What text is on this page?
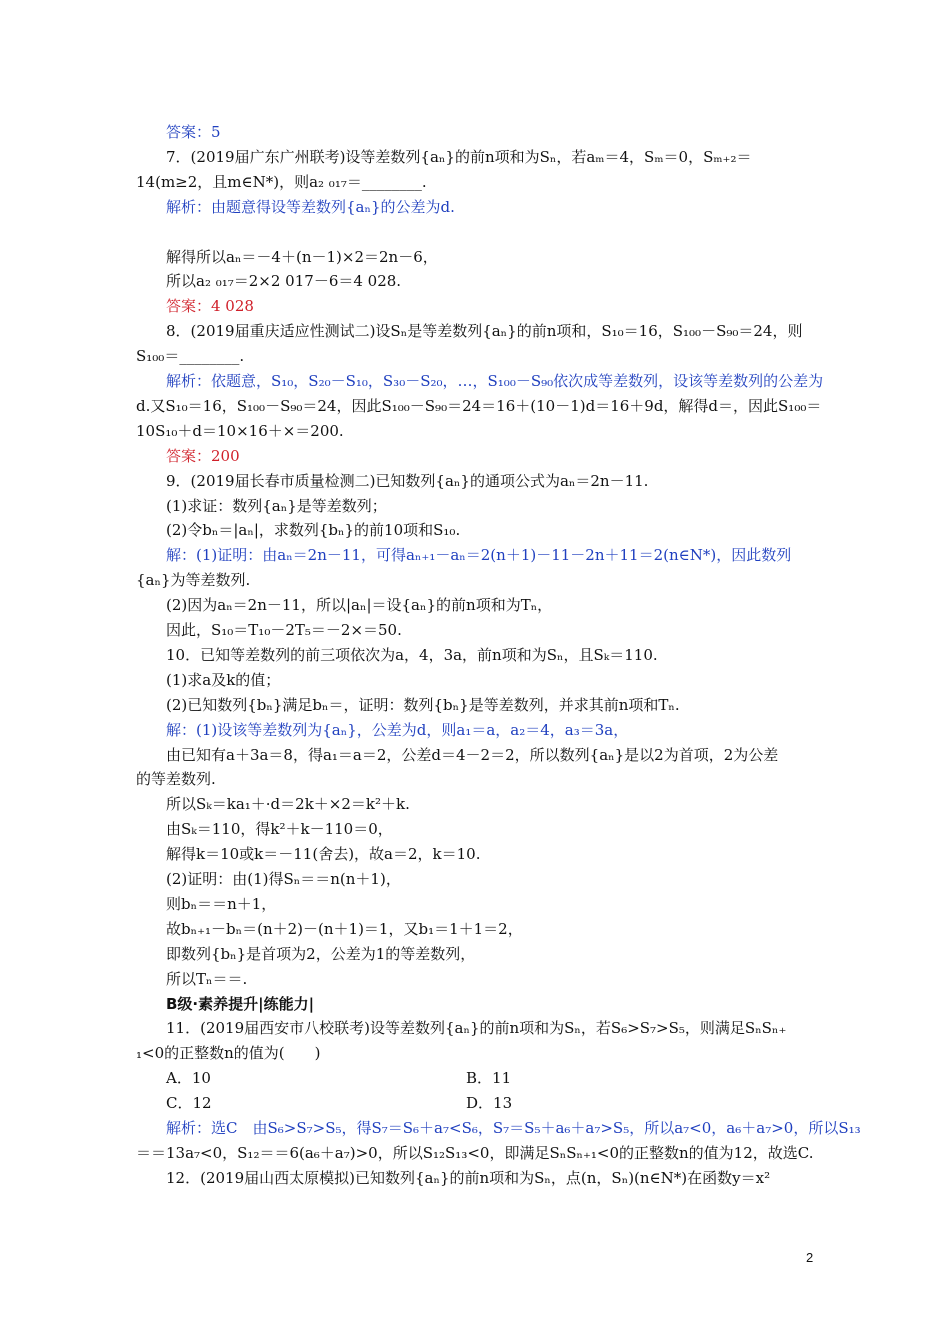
答案：5
7．(2019届广东广州联考)设等差数列{aₙ}的前n项和为Sₙ，若aₘ＝4，Sₘ＝0，Sₘ₊₂＝
14(m≥2，且m∈N*)，则a₂ ₀₁₇＝________.
解析：由题意得设等差数列{aₙ}的公差为d.
解得所以aₙ＝－4＋(n－1)×2＝2n－6，
所以a₂ ₀₁₇＝2×2 017－6＝4 028.
答案：4 028
8．(2019届重庆适应性测试二)设Sₙ是等差数列{aₙ}的前n项和，S₁₀＝16，S₁₀₀－S₉₀＝24，则
S₁₀₀＝________.
解析：依题意，S₁₀，S₂₀－S₁₀，S₃₀－S₂₀，…，S₁₀₀－S₉₀依次成等差数列，设该等差数列的公差为
d.又S₁₀＝16，S₁₀₀－S₉₀＝24，因此S₁₀₀－S₉₀＝24＝16＋(10－1)d＝16＋9d，解得d＝，因此S₁₀₀＝
10S₁₀＋d＝10×16＋×＝200.
答案：200
9．(2019届长春市质量检测二)已知数列{aₙ}的通项公式为aₙ＝2n－11.
(1)求证：数列{aₙ}是等差数列；
(2)令bₙ＝|aₙ|，求数列{bₙ}的前10项和S₁₀.
解：(1)证明：由aₙ＝2n－11，可得aₙ₊₁－aₙ＝2(n＋1)－11－2n＋11＝2(n∈N*)，因此数列
{aₙ}为等差数列.
(2)因为aₙ＝2n－11，所以|aₙ|＝设{aₙ}的前n项和为Tₙ，
因此，S₁₀＝T₁₀－2T₅＝－2×＝50.
10．已知等差数列的前三项依次为a，4，3a，前n项和为Sₙ，且Sₖ＝110.
(1)求a及k的值；
(2)已知数列{bₙ}满足bₙ＝，证明：数列{bₙ}是等差数列，并求其前n项和Tₙ.
解：(1)设该等差数列为{aₙ}，公差为d，则a₁＝a，a₂＝4，a₃＝3a，
由已知有a＋3a＝8，得a₁＝a＝2，公差d＝4－2＝2，所以数列{aₙ}是以2为首项，2为公差
的等差数列.
所以Sₖ＝ka₁＋·d＝2k＋×2＝k²＋k.
由Sₖ＝110，得k²＋k－110＝0，
解得k＝10或k＝－11(舍去)，故a＝2，k＝10.
(2)证明：由(1)得Sₙ＝＝n(n＋1)，
则bₙ＝＝n＋1，
故bₙ₊₁－bₙ＝(n＋2)－(n＋1)＝1，又b₁＝1＋1＝2，
即数列{bₙ}是首项为2，公差为1的等差数列，
所以Tₙ＝＝.
B级·素养提升|练能力|
11．(2019届西安市八校联考)设等差数列{aₙ}的前n项和为Sₙ，若S₆>S₇>S₅，则满足SₙSₙ₊
₁<0的正整数n的值为(　　)
A．10	B．11
C．12	D．13
解析：选C　由S₆>S₇>S₅，得S₇＝S₆＋a₇<S₆，S₇＝S₅＋a₆＋a₇>S₅，所以a₇<0，a₆＋a₇>0，所以S₁₃
＝＝13a₇<0，S₁₂＝＝6(a₆＋a₇)>0，所以S₁₂S₁₃<0，即满足SₙSₙ₊₁<0的正整数n的值为12，故选C.
12．(2019届山西太原模拟)已知数列{aₙ}的前n项和为Sₙ，点(n，Sₙ)(n∈N*)在函数y＝x²
2
